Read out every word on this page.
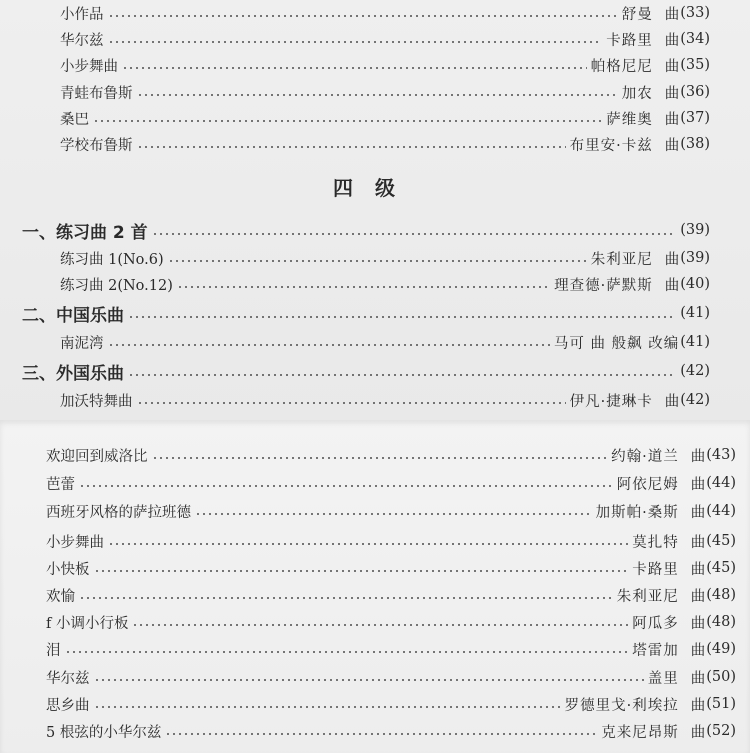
小作品	舒曼 曲 (33)
华尔兹	卡路里 曲 (34)
小步舞曲	帕格尼尼 曲 (35)
青蛙布鲁斯	加农 曲 (36)
桑巴	萨维奥 曲 (37)
学校布鲁斯	布里安·卡兹 曲 (38)
四级
一、练习曲 2 首	(39)
练习曲 1(No.6)	朱利亚尼 曲 (39)
练习曲 2(No.12)	理查德·萨默斯 曲 (40)
二、中国乐曲	(41)
南泥湾	马可 曲 般飙 改编 (41)
三、外国乐曲	(42)
加沃特舞曲	伊凡·捷琳卡 曲 (42)
欢迎回到威洛比	约翰·道兰 曲 (43)
芭蕾	阿依尼姆 曲 (44)
西班牙风格的萨拉班德	加斯帕·桑斯 曲 (44)
小步舞曲	莫扎特 曲 (45)
小快板	卡路里 曲 (45)
欢愉	朱利亚尼 曲 (48)
f 小调小行板	阿瓜多 曲 (48)
泪	塔雷加 曲 (49)
华尔兹	盖里 曲 (50)
思乡曲	罗德里戈·利埃拉 曲 (51)
5 根弦的小华尔兹	克来尼昂斯 曲 (52)
